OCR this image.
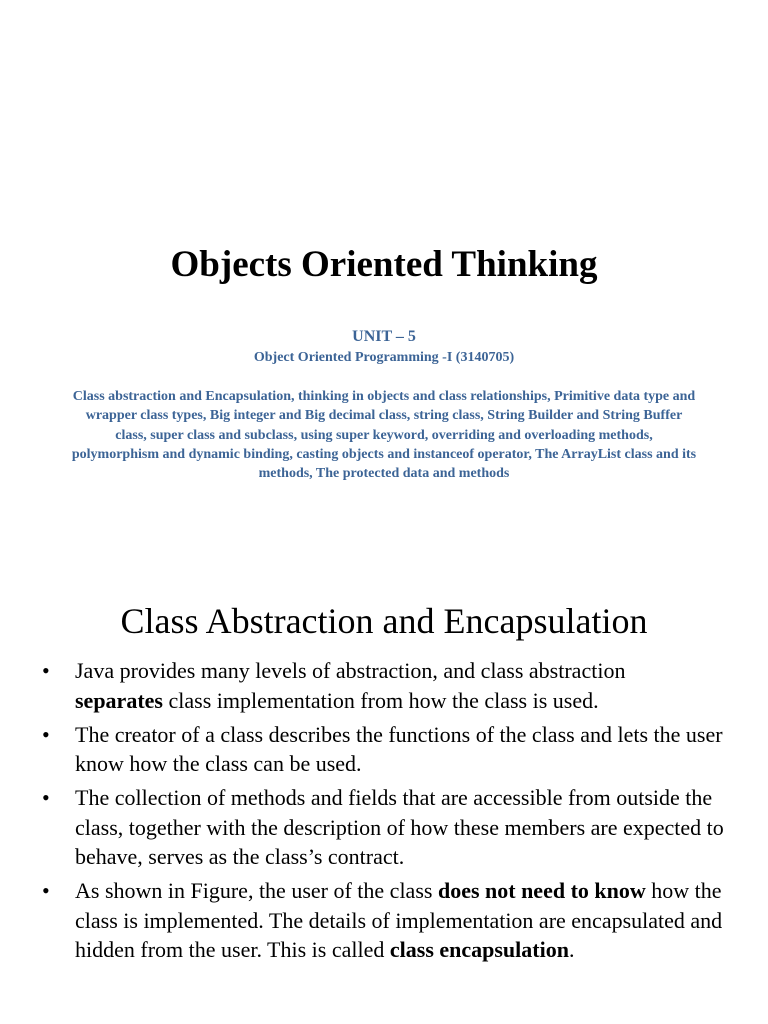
Objects Oriented Thinking
UNIT – 5
Object Oriented Programming -I (3140705)
Class abstraction and Encapsulation, thinking in objects and class relationships, Primitive data type and wrapper class types, Big integer and Big decimal class, string class, String Builder and String Buffer class, super class and subclass, using super keyword, overriding and overloading methods, polymorphism and dynamic binding, casting objects and instanceof operator, The ArrayList class and its methods, The protected data and methods
Class Abstraction and Encapsulation
• Java provides many levels of abstraction, and class abstraction
separates class implementation from how the class is used.
• The creator of a class describes the functions of the class and lets the user know how the class can be used.
• The collection of methods and fields that are accessible from outside the class, together with the description of how these members are expected to behave, serves as the class’s contract.
• As shown in Figure, the user of the class does not need to know how the class is implemented. The details of implementation are encapsulated and hidden from the user. This is called class encapsulation.
